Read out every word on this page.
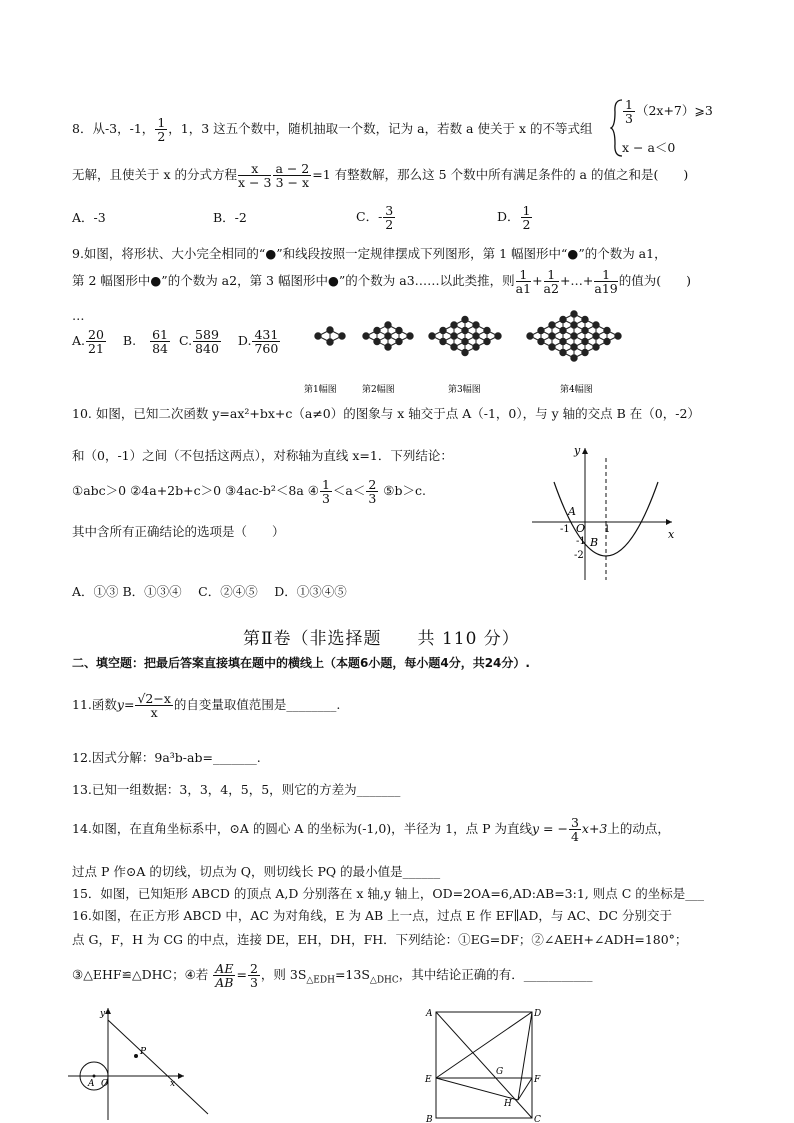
8．从-3，-1， $\frac{1}{2}$ ，1，3 这五个数中，随机抽取一个数，记为 a，若数 a 使关于 x 的不等式组
$\frac{1}{3}$ （2x+7）⩾3
x − a＜0
无解，且使关于 x 的分式方程 $\frac{x}{x - 3} \frac{a - 2}{3 - x} =1$ 有整数解，那么这 5 个数中所有满足条件的 a 的值之和是(　　)
A．-3	B．-2	C．- $\frac{3}{2}$	D． $\frac{1}{2}$
9.如图，将形状、大小完全相同的“●”和线段按照一定规律摆成下列图形，第 1 幅图形中“●”的个数为 a1，
第 2 幅图形中●”的个数为 a2，第 3 幅图形中●”的个数为 a3……以此类推，则 $\frac{1}{a1} + \frac{1}{a2}$ +…+ $\frac{1}{a19}$ 的值为(　　)
…
A. $\frac{20}{21} B$. $\frac{61}{84} C$. $\frac{589}{840} D$. $\frac{431}{760}$
第1幅图	第2幅图	第3幅图	第4幅图
10. 如图，已知二次函数 y=ax²+bx+c（a≠0）的图象与 x 轴交于点 A（-1，0），与 y 轴的交点 B 在（0，-2）
和（0，-1）之间（不包括这两点），对称轴为直线 x=1．下列结论：
①abc＞0 ②4a+2b+c＞0 ③4ac-b²＜8a ④ $\frac{1}{3} <a< \frac{2}{3}$ ⑤b＞c.
其中含所有正确结论的选项是（　　）
A．①③ B．①③④　 C．②④⑤　 D．①③④⑤
y
x
A
O
B
-1	1
-1
-2
第Ⅱ卷（非选择题　　共 110 分）
二、填空题：把最后答案直接填在题中的横线上（本题6小题，每小题4分，共24分）.
11.函数$y= \frac{√2-x}{x}$ 的自变量取值范围是________.
12.因式分解：9a³b-ab=_______.
13.已知一组数据：3，3，4，5，5，则它的方差为_______
14.如图，在直角坐标系中，⊙A 的圆心 A 的坐标为(-1,0)，半径为 1，点 P 为直线y = − $\frac{3}{4} x+3$上的动点，
过点 P 作⊙A 的切线，切点为 Q，则切线长 PQ 的最小值是______
15．如图，已知矩形 ABCD 的顶点 A,D 分别落在 x 轴,y 轴上，OD=2OA=6,AD:AB=3:1, 则点 C 的坐标是___
16.如图，在正方形 ABCD 中，AC 为对角线，E 为 AB 上一点，过点 E 作 EF∥AD，与 AC、DC 分别交于
点 G，F，H 为 CG 的中点，连接 DE，EH，DH，FH．下列结论：①EG=DF；②∠AEH+∠ADH=180°；
③△EHF≌△DHC；④若 $\frac{AE}{AB} = \frac{2}{3}$ ，则 $3S_{\triangle EDH}=13S_{\triangle DHC}$，其中结论正确的有．___________
y
x
A O
P
A	D
E	F
G
H
B	C
